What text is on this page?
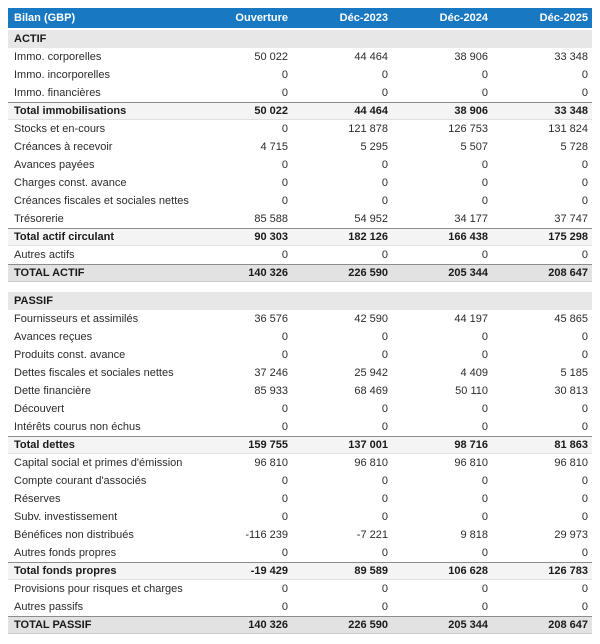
Bilan (GBP)	Ouverture	Déc-2023	Déc-2024	Déc-2025
ACTIF
Immo. corporelles	50 022	44 464	38 906	33 348
Immo. incorporelles	0	0	0	0
Immo. financières	0	0	0	0
Total immobilisations	50 022	44 464	38 906	33 348
Stocks et en-cours	0	121 878	126 753	131 824
Créances à recevoir	4 715	5 295	5 507	5 728
Avances payées	0	0	0	0
Charges const. avance	0	0	0	0
Créances fiscales et sociales nettes	0	0	0	0
Trésorerie	85 588	54 952	34 177	37 747
Total actif circulant	90 303	182 126	166 438	175 298
Autres actifs	0	0	0	0
TOTAL ACTIF	140 326	226 590	205 344	208 647
PASSIF
Fournisseurs et assimilés	36 576	42 590	44 197	45 865
Avances reçues	0	0	0	0
Produits const. avance	0	0	0	0
Dettes fiscales et sociales nettes	37 246	25 942	4 409	5 185
Dette financière	85 933	68 469	50 110	30 813
Découvert	0	0	0	0
Intérêts courus non échus	0	0	0	0
Total dettes	159 755	137 001	98 716	81 863
Capital social et primes d'émission	96 810	96 810	96 810	96 810
Compte courant d'associés	0	0	0	0
Réserves	0	0	0	0
Subv. investissement	0	0	0	0
Bénéfices non distribués	-116 239	-7 221	9 818	29 973
Autres fonds propres	0	0	0	0
Total fonds propres	-19 429	89 589	106 628	126 783
Provisions pour risques et charges	0	0	0	0
Autres passifs	0	0	0	0
TOTAL PASSIF	140 326	226 590	205 344	208 647
